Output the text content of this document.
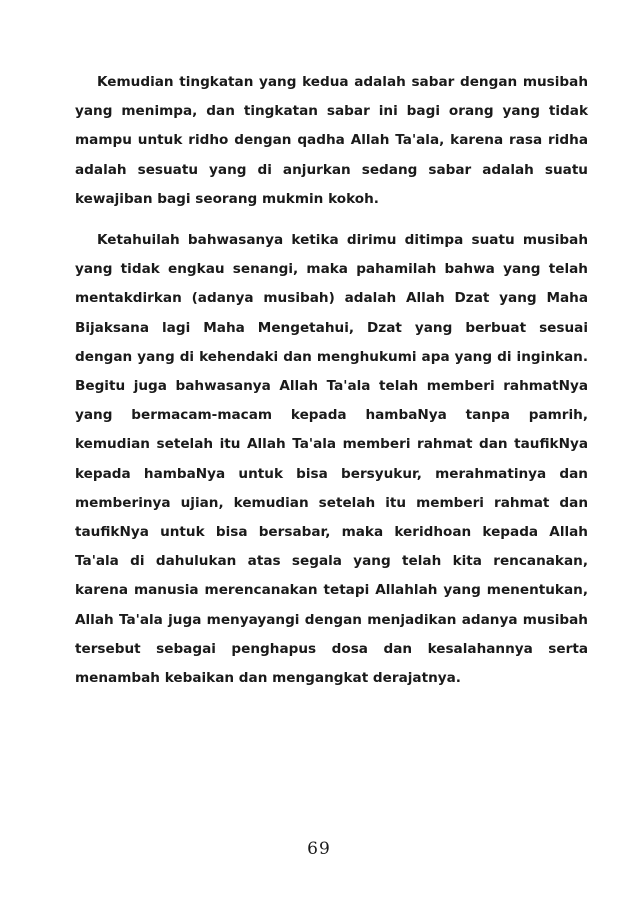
Kemudian tingkatan yang kedua adalah sabar dengan musibah yang menimpa, dan tingkatan sabar ini bagi orang yang tidak mampu untuk ridho dengan qadha Allah Ta'ala, karena rasa ridha adalah sesuatu yang di anjurkan sedang sabar adalah suatu kewajiban bagi seorang mukmin kokoh.

Ketahuilah bahwasanya ketika dirimu ditimpa suatu musibah yang tidak engkau senangi, maka pahamilah bahwa yang telah mentakdirkan (adanya musibah) adalah Allah Dzat yang Maha Bijaksana lagi Maha Mengetahui, Dzat yang berbuat sesuai dengan yang di kehendaki dan menghukumi apa yang di inginkan. Begitu juga bahwasanya Allah Ta'ala telah memberi rahmatNya yang bermacam-macam kepada hambaNya tanpa pamrih, kemudian setelah itu Allah Ta'ala memberi rahmat dan taufikNya kepada hambaNya untuk bisa bersyukur, merahmatinya dan memberinya ujian, kemudian setelah itu memberi rahmat dan taufikNya untuk bisa bersabar, maka keridhoan kepada Allah Ta'ala di dahulukan atas segala yang telah kita rencanakan, karena manusia merencanakan tetapi Allahlah yang menentukan, Allah Ta'ala juga menyayangi dengan menjadikan adanya musibah tersebut sebagai penghapus dosa dan kesalahannya serta menambah kebaikan dan mengangkat derajatnya.

69
